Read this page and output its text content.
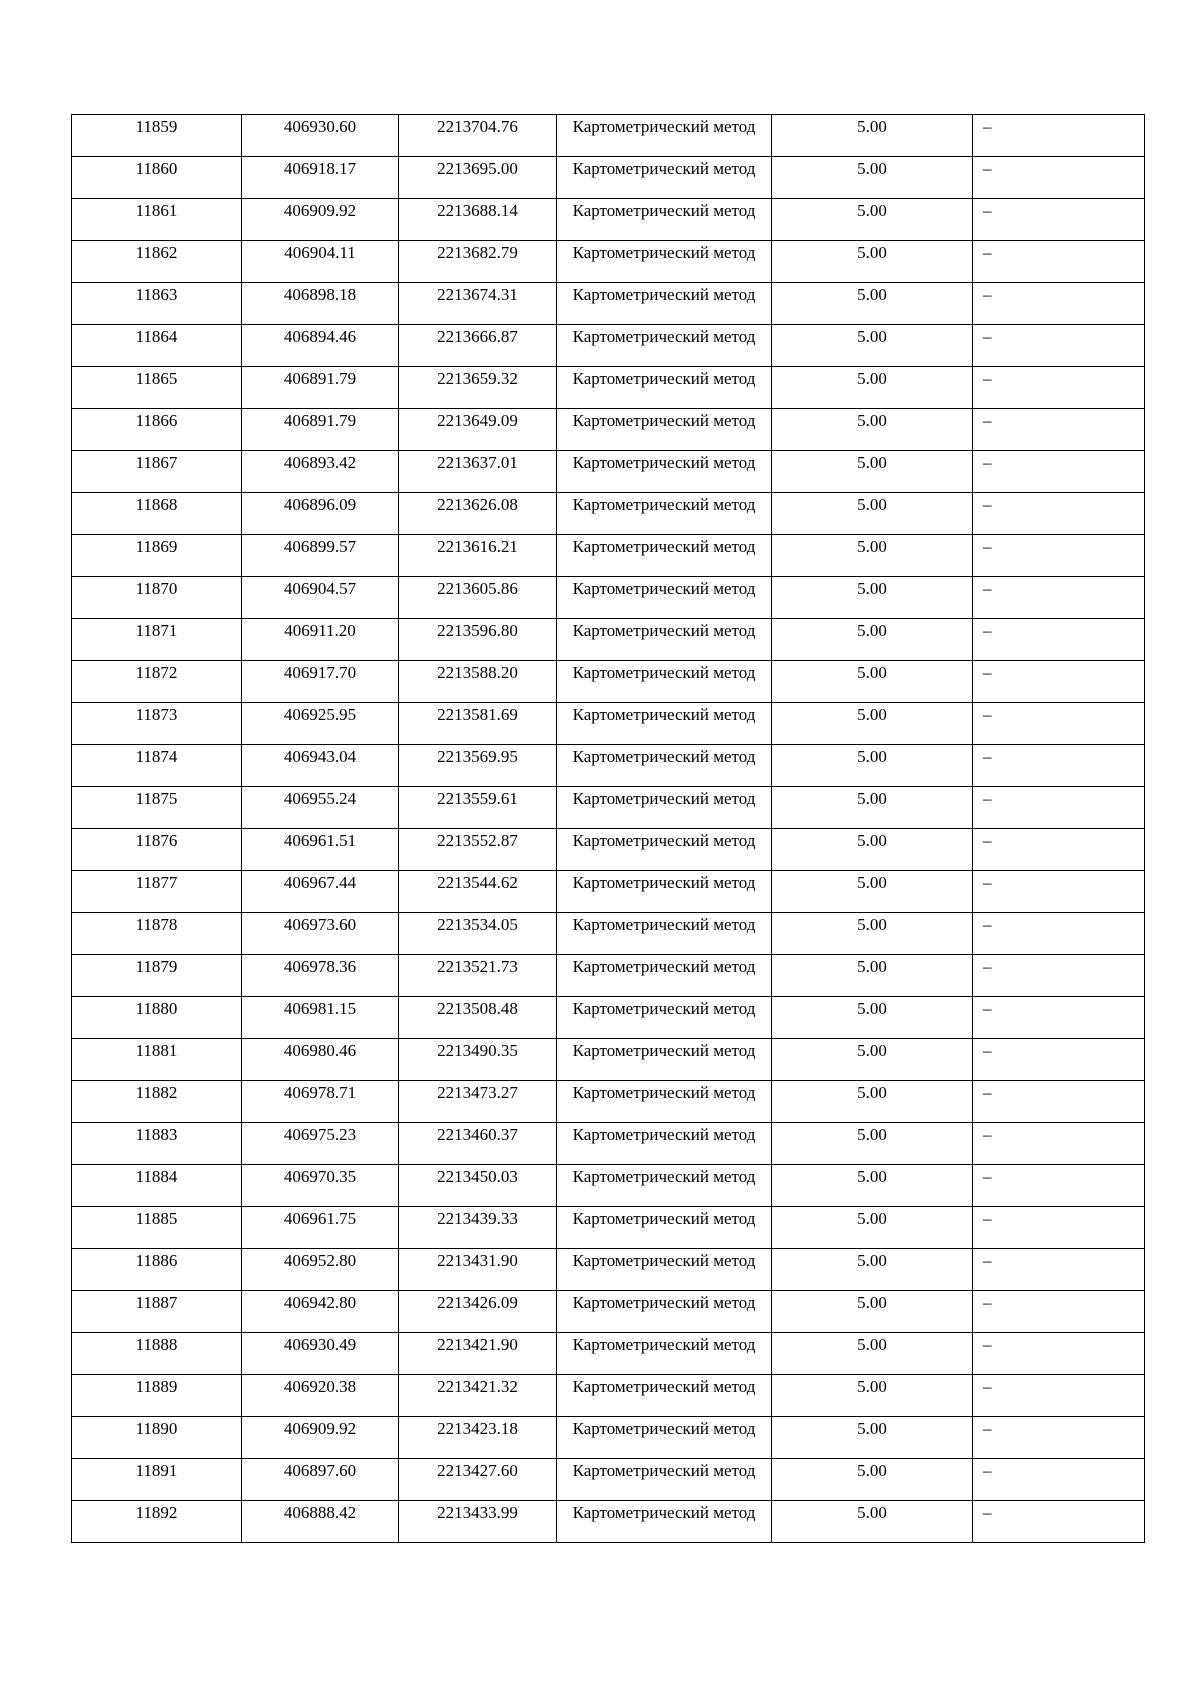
11859	406930.60	2213704.76	Картометрический метод	5.00	–
11860	406918.17	2213695.00	Картометрический метод	5.00	–
11861	406909.92	2213688.14	Картометрический метод	5.00	–
11862	406904.11	2213682.79	Картометрический метод	5.00	–
11863	406898.18	2213674.31	Картометрический метод	5.00	–
11864	406894.46	2213666.87	Картометрический метод	5.00	–
11865	406891.79	2213659.32	Картометрический метод	5.00	–
11866	406891.79	2213649.09	Картометрический метод	5.00	–
11867	406893.42	2213637.01	Картометрический метод	5.00	–
11868	406896.09	2213626.08	Картометрический метод	5.00	–
11869	406899.57	2213616.21	Картометрический метод	5.00	–
11870	406904.57	2213605.86	Картометрический метод	5.00	–
11871	406911.20	2213596.80	Картометрический метод	5.00	–
11872	406917.70	2213588.20	Картометрический метод	5.00	–
11873	406925.95	2213581.69	Картометрический метод	5.00	–
11874	406943.04	2213569.95	Картометрический метод	5.00	–
11875	406955.24	2213559.61	Картометрический метод	5.00	–
11876	406961.51	2213552.87	Картометрический метод	5.00	–
11877	406967.44	2213544.62	Картометрический метод	5.00	–
11878	406973.60	2213534.05	Картометрический метод	5.00	–
11879	406978.36	2213521.73	Картометрический метод	5.00	–
11880	406981.15	2213508.48	Картометрический метод	5.00	–
11881	406980.46	2213490.35	Картометрический метод	5.00	–
11882	406978.71	2213473.27	Картометрический метод	5.00	–
11883	406975.23	2213460.37	Картометрический метод	5.00	–
11884	406970.35	2213450.03	Картометрический метод	5.00	–
11885	406961.75	2213439.33	Картометрический метод	5.00	–
11886	406952.80	2213431.90	Картометрический метод	5.00	–
11887	406942.80	2213426.09	Картометрический метод	5.00	–
11888	406930.49	2213421.90	Картометрический метод	5.00	–
11889	406920.38	2213421.32	Картометрический метод	5.00	–
11890	406909.92	2213423.18	Картометрический метод	5.00	–
11891	406897.60	2213427.60	Картометрический метод	5.00	–
11892	406888.42	2213433.99	Картометрический метод	5.00	–
